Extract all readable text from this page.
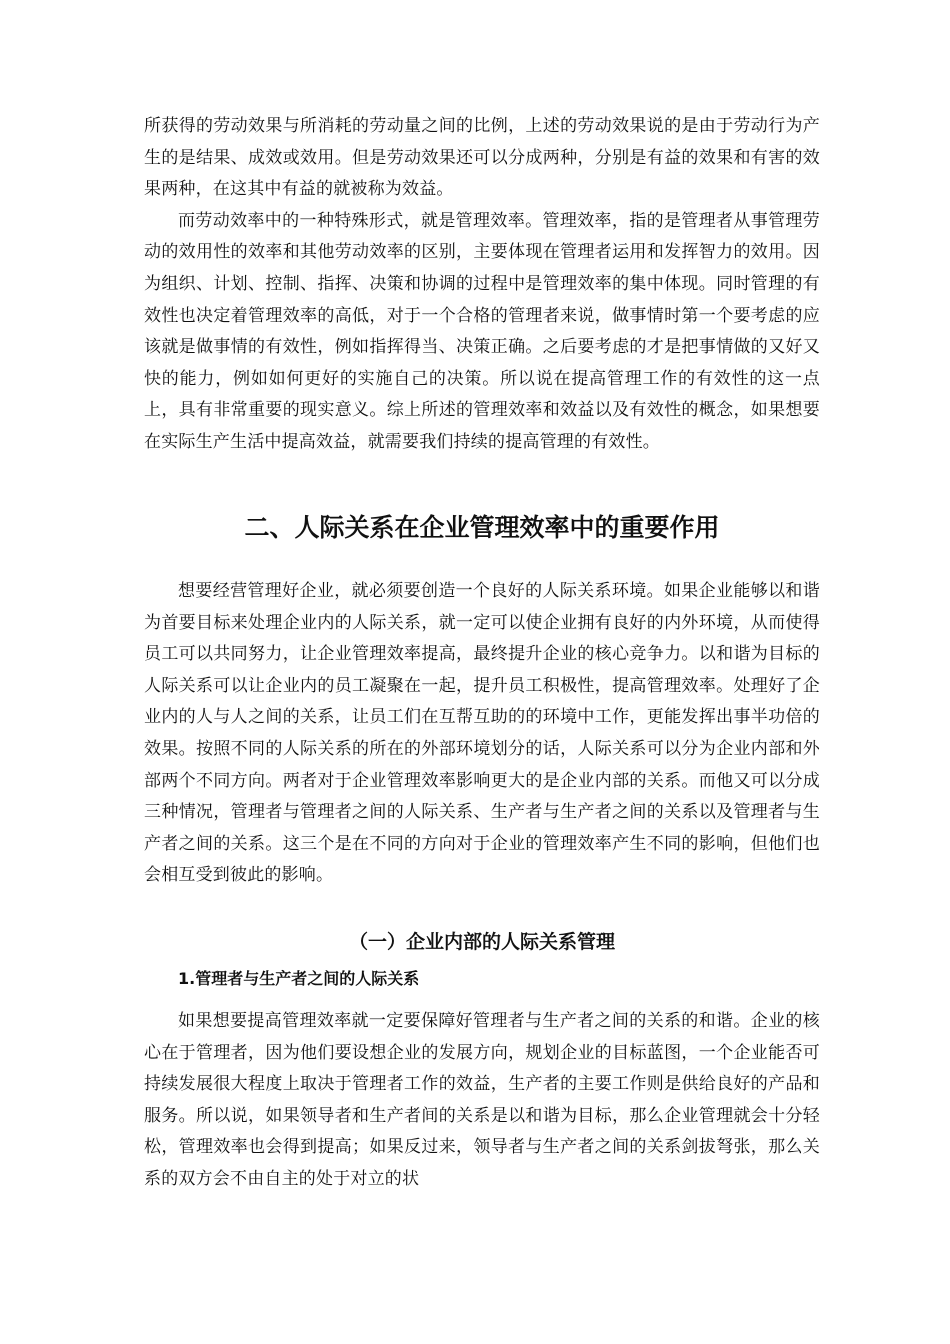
所获得的劳动效果与所消耗的劳动量之间的比例，上述的劳动效果说的是由于劳动行为产生的是结果、成效或效用。但是劳动效果还可以分成两种，分别是有益的效果和有害的效果两种，在这其中有益的就被称为效益。

而劳动效率中的一种特殊形式，就是管理效率。管理效率，指的是管理者从事管理劳动的效用性的效率和其他劳动效率的区别，主要体现在管理者运用和发挥智力的效用。因为组织、计划、控制、指挥、决策和协调的过程中是管理效率的集中体现。同时管理的有效性也决定着管理效率的高低，对于一个合格的管理者来说，做事情时第一个要考虑的应该就是做事情的有效性，例如指挥得当、决策正确。之后要考虑的才是把事情做的又好又快的能力，例如如何更好的实施自己的决策。所以说在提高管理工作的有效性的这一点上，具有非常重要的现实意义。综上所述的管理效率和效益以及有效性的概念，如果想要在实际生产生活中提高效益，就需要我们持续的提高管理的有效性。

二、人际关系在企业管理效率中的重要作用

想要经营管理好企业，就必须要创造一个良好的人际关系环境。如果企业能够以和谐为首要目标来处理企业内的人际关系，就一定可以使企业拥有良好的内外环境，从而使得员工可以共同努力，让企业管理效率提高，最终提升企业的核心竞争力。以和谐为目标的人际关系可以让企业内的员工凝聚在一起，提升员工积极性，提高管理效率。处理好了企业内的人与人之间的关系，让员工们在互帮互助的的环境中工作，更能发挥出事半功倍的效果。按照不同的人际关系的所在的外部环境划分的话，人际关系可以分为企业内部和外部两个不同方向。两者对于企业管理效率影响更大的是企业内部的关系。而他又可以分成三种情况，管理者与管理者之间的人际关系、生产者与生产者之间的关系以及管理者与生产者之间的关系。这三个是在不同的方向对于企业的管理效率产生不同的影响，但他们也会相互受到彼此的影响。

（一）企业内部的人际关系管理
1.管理者与生产者之间的人际关系

如果想要提高管理效率就一定要保障好管理者与生产者之间的关系的和谐。企业的核心在于管理者，因为他们要设想企业的发展方向，规划企业的目标蓝图，一个企业能否可持续发展很大程度上取决于管理者工作的效益，生产者的主要工作则是供给良好的产品和服务。所以说，如果领导者和生产者间的关系是以和谐为目标，那么企业管理就会十分轻松，管理效率也会得到提高；如果反过来，领导者与生产者之间的关系剑拔弩张，那么关系的双方会不由自主的处于对立的状
